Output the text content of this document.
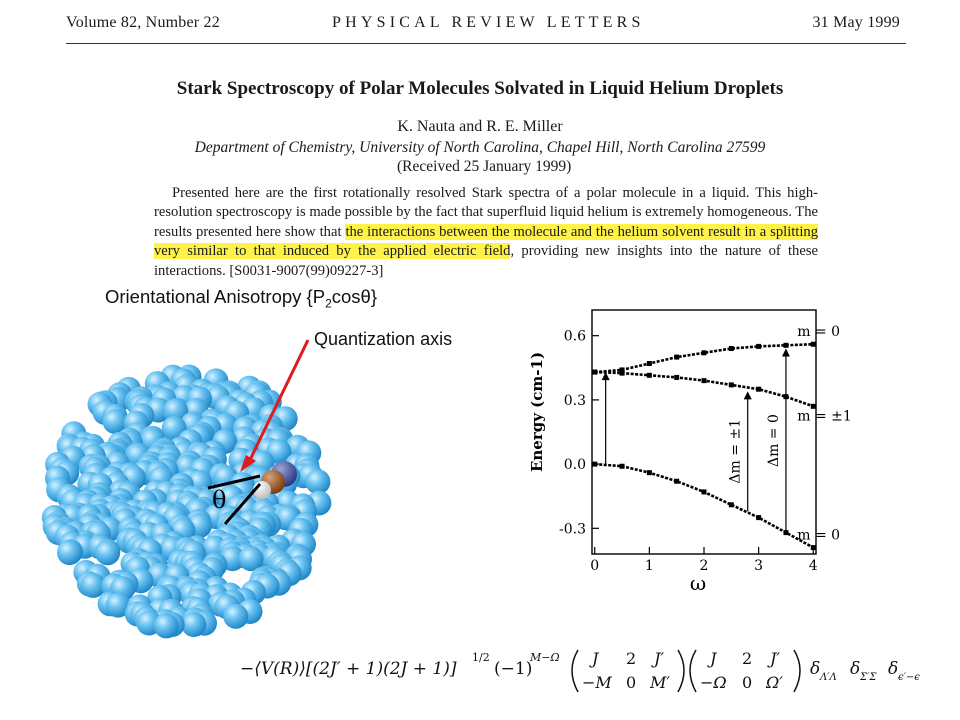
Volume 82, Number 22	PHYSICAL REVIEW LETTERS	31 May 1999
Stark Spectroscopy of Polar Molecules Solvated in Liquid Helium Droplets
K. Nauta and R. E. Miller
Department of Chemistry, University of North Carolina, Chapel Hill, North Carolina 27599
(Received 25 January 1999)
Presented here are the first rotationally resolved Stark spectra of a polar molecule in a liquid. This high-resolution spectroscopy is made possible by the fact that superfluid liquid helium is extremely homogeneous. The results presented here show that the interactions between the molecule and the helium solvent result in a splitting very similar to that induced by the applied electric field, providing new insights into the nature of these interactions. [S0031-9007(99)09227-3]
Orientational Anisotropy $\{P_2\cos\theta\}$
Quantization axis
θ
-0.3
0.0
0.3
0.6
0	1	2	3	4
ω
Energy (cm-1)
m = 0
m = ±1
m = 0
Δm = ±1 Δm = 0
−⟨V(R)⟩[(2J′ + 1)(2J + 1)]
1/2
(−1)
M−Ω J 2 J′
−M 0 M′
J 2 J′
−Ω 0 Ω′
δ Λ′Λ δ Σ′Σ δ ϵ′−ϵ
